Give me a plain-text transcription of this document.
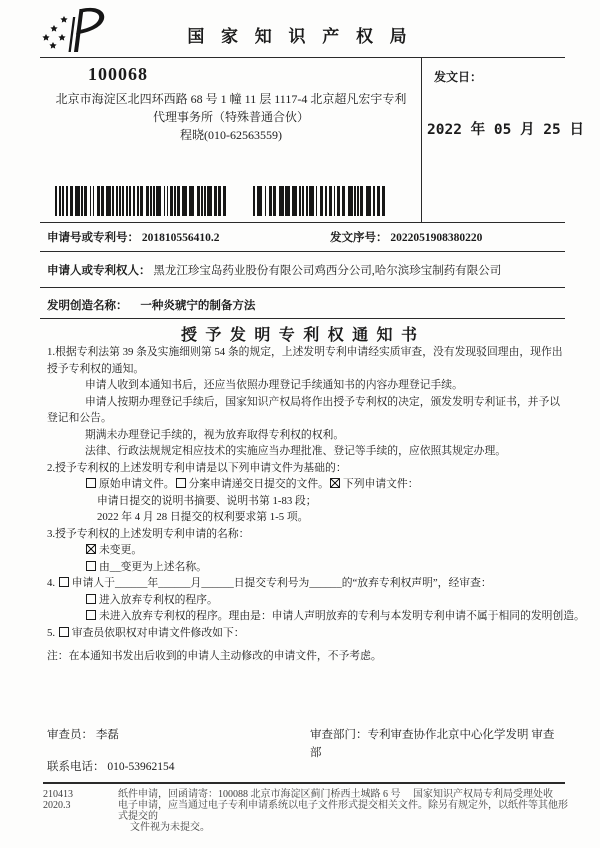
国 家 知 识 产 权 局
100068
北京市海淀区北四环西路 68 号 1 幢 11 层 1117-4 北京超凡宏宇专利
代理事务所（特殊普通合伙）
程晓(010-62563559)
发文日：
2022 年 05 月 25 日
申请号或专利号： 201810556410.2	发文序号： 2022051908380220
申请人或专利权人： 黑龙江珍宝岛药业股份有限公司鸡西分公司,哈尔滨珍宝制药有限公司
发明创造名称： 一种炎琥宁的制备方法
授 予 发 明 专 利 权 通 知 书
1.根据专利法第 39 条及实施细则第 54 条的规定，上述发明专利申请经实质审查，没有发现驳回理由，现作出授予专利权的通知。
申请人收到本通知书后，还应当依照办理登记手续通知书的内容办理登记手续。
申请人按期办理登记手续后，国家知识产权局将作出授予专利权的决定，颁发发明专利证书，并予以登记和公告。
期满未办理登记手续的，视为放弃取得专利权的权利。
法律、行政法规规定相应技术的实施应当办理批准、登记等手续的，应依照其规定办理。
2.授予专利权的上述发明专利申请是以下列申请文件为基础的：
原始申请文件。 分案申请递交日提交的文件。 下列申请文件：
申请日提交的说明书摘要、说明书第 1-83 段；
2022 年 4 月 28 日提交的权利要求第 1-5 项。
3.授予专利权的上述发明专利申请的名称：
未变更。
由__变更为上述名称。
4. 申请人于______年______月______日提交专利号为______的“放弃专利权声明”，经审查：
进入放弃专利权的程序。
未进入放弃专利权的程序。理由是：申请人声明放弃的专利与本发明专利申请不属于相同的发明创造。
5. 审查员依职权对申请文件修改如下：
注：在本通知书发出后收到的申请人主动修改的申请文件，不予考虑。
审查员： 李磊	审查部门：专利审查协作北京中心化学发明 审查部
联系电话： 010-53962154
210413
2020.3
纸件申请，回函请寄：100088 北京市海淀区蓟门桥西土城路 6 号　 国家知识产权局专利局受理处收
电子申请，应当通过电子专利申请系统以电子文件形式提交相关文件。除另有规定外，以纸件等其他形式提交的
文件视为未提交。
